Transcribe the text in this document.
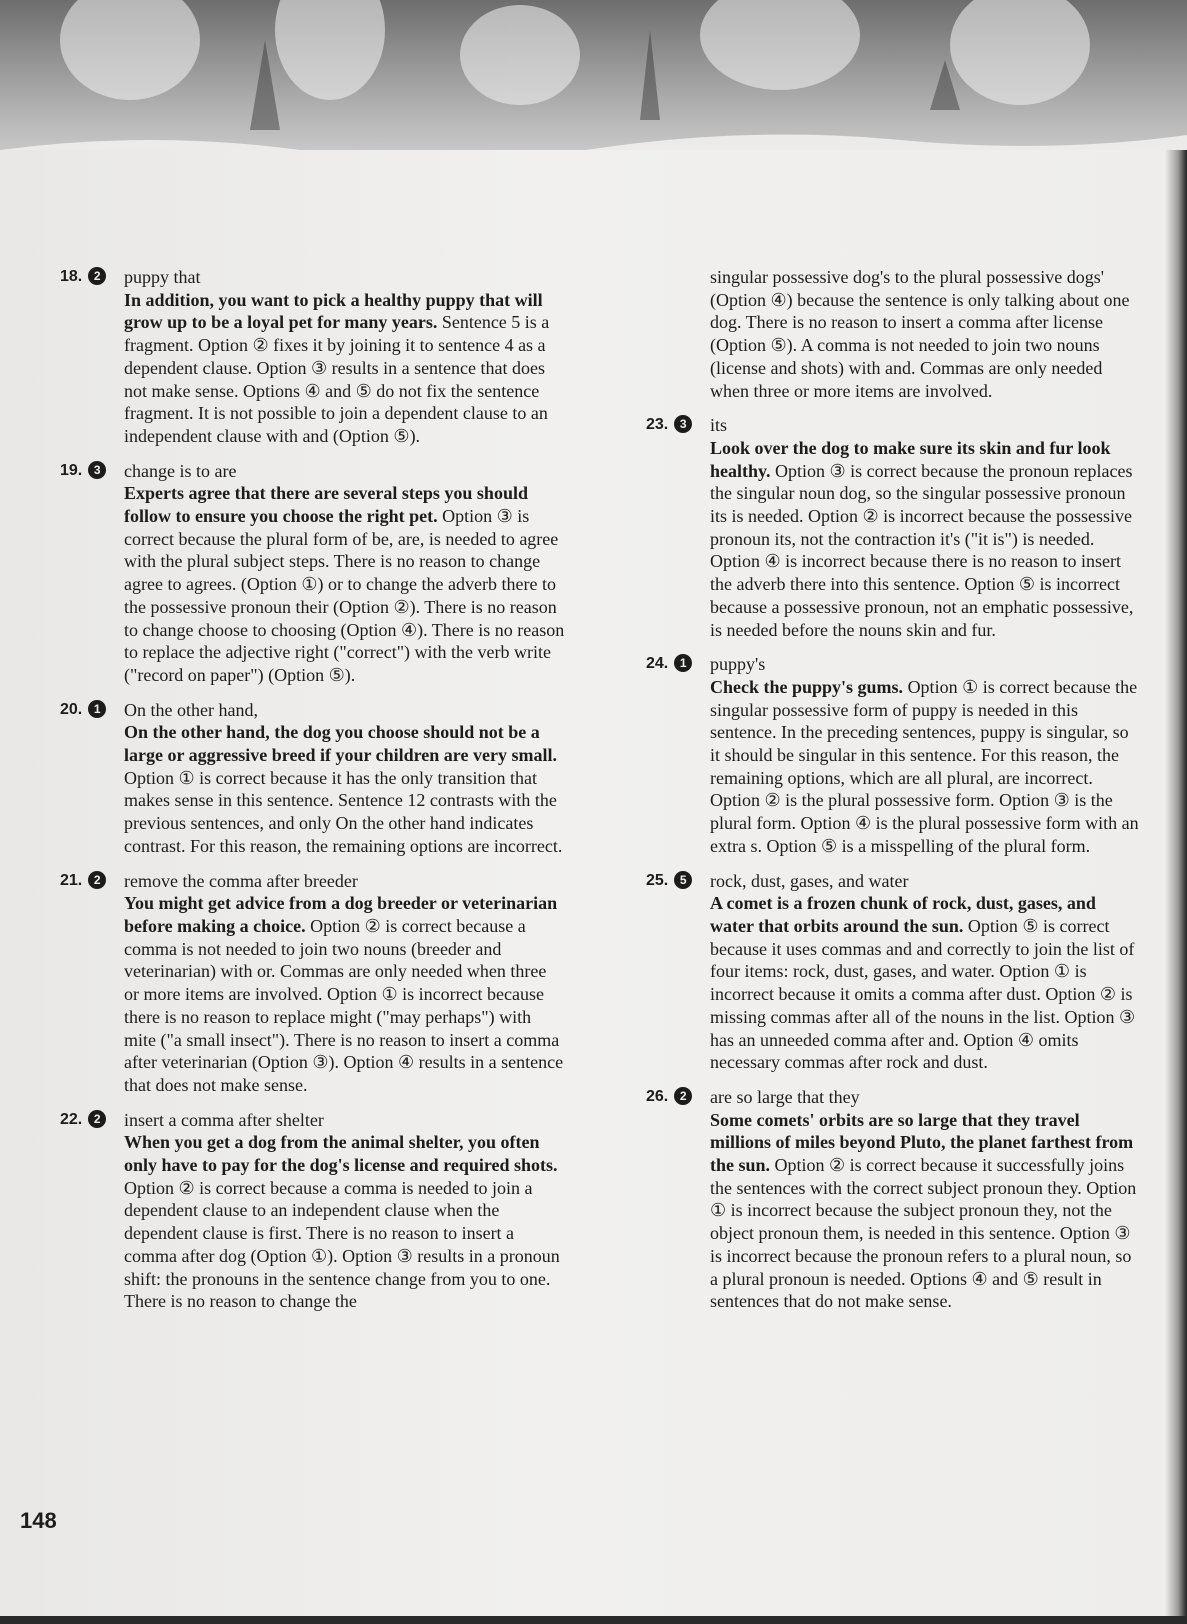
18. 2	puppy that
In addition, you want to pick a healthy puppy that will grow up to be a loyal pet for many years. Sentence 5 is a fragment. Option ② fixes it by joining it to sentence 4 as a dependent clause. Option ③ results in a sentence that does not make sense. Options ④ and ⑤ do not fix the sentence fragment. It is not possible to join a dependent clause to an independent clause with and (Option ⑤).
19. 3	change is to are
Experts agree that there are several steps you should follow to ensure you choose the right pet. Option ③ is correct because the plural form of be, are, is needed to agree with the plural subject steps. There is no reason to change agree to agrees. (Option ①) or to change the adverb there to the possessive pronoun their (Option ②). There is no reason to change choose to choosing (Option ④). There is no reason to replace the adjective right ("correct") with the verb write ("record on paper") (Option ⑤).
20. 1	On the other hand,
On the other hand, the dog you choose should not be a large or aggressive breed if your children are very small. Option ① is correct because it has the only transition that makes sense in this sentence. Sentence 12 contrasts with the previous sentences, and only On the other hand indicates contrast. For this reason, the remaining options are incorrect.
21. 2	remove the comma after breeder
You might get advice from a dog breeder or veterinarian before making a choice. Option ② is correct because a comma is not needed to join two nouns (breeder and veterinarian) with or. Commas are only needed when three or more items are involved. Option ① is incorrect because there is no reason to replace might ("may perhaps") with mite ("a small insect"). There is no reason to insert a comma after veterinarian (Option ③). Option ④ results in a sentence that does not make sense.
22. 2	insert a comma after shelter
When you get a dog from the animal shelter, you often only have to pay for the dog's license and required shots. Option ② is correct because a comma is needed to join a dependent clause to an independent clause when the dependent clause is first. There is no reason to insert a comma after dog (Option ①). Option ③ results in a pronoun shift: the pronouns in the sentence change from you to one. There is no reason to change the
singular possessive dog's to the plural possessive dogs' (Option ④) because the sentence is only talking about one dog. There is no reason to insert a comma after license (Option ⑤). A comma is not needed to join two nouns (license and shots) with and. Commas are only needed when three or more items are involved.
23. 3	its
Look over the dog to make sure its skin and fur look healthy. Option ③ is correct because the pronoun replaces the singular noun dog, so the singular possessive pronoun its is needed. Option ② is incorrect because the possessive pronoun its, not the contraction it's ("it is") is needed. Option ④ is incorrect because there is no reason to insert the adverb there into this sentence. Option ⑤ is incorrect because a possessive pronoun, not an emphatic possessive, is needed before the nouns skin and fur.
24. 1	puppy's
Check the puppy's gums. Option ① is correct because the singular possessive form of puppy is needed in this sentence. In the preceding sentences, puppy is singular, so it should be singular in this sentence. For this reason, the remaining options, which are all plural, are incorrect. Option ② is the plural possessive form. Option ③ is the plural form. Option ④ is the plural possessive form with an extra s. Option ⑤ is a misspelling of the plural form.
25. 5	rock, dust, gases, and water
A comet is a frozen chunk of rock, dust, gases, and water that orbits around the sun. Option ⑤ is correct because it uses commas and and correctly to join the list of four items: rock, dust, gases, and water. Option ① is incorrect because it omits a comma after dust. Option ② is missing commas after all of the nouns in the list. Option ③ has an unneeded comma after and. Option ④ omits necessary commas after rock and dust.
26. 2	are so large that they
Some comets' orbits are so large that they travel millions of miles beyond Pluto, the planet farthest from the sun. Option ② is correct because it successfully joins the sentences with the correct subject pronoun they. Option ① is incorrect because the subject pronoun they, not the object pronoun them, is needed in this sentence. Option ③ is incorrect because the pronoun refers to a plural noun, so a plural pronoun is needed. Options ④ and ⑤ result in sentences that do not make sense.
148
